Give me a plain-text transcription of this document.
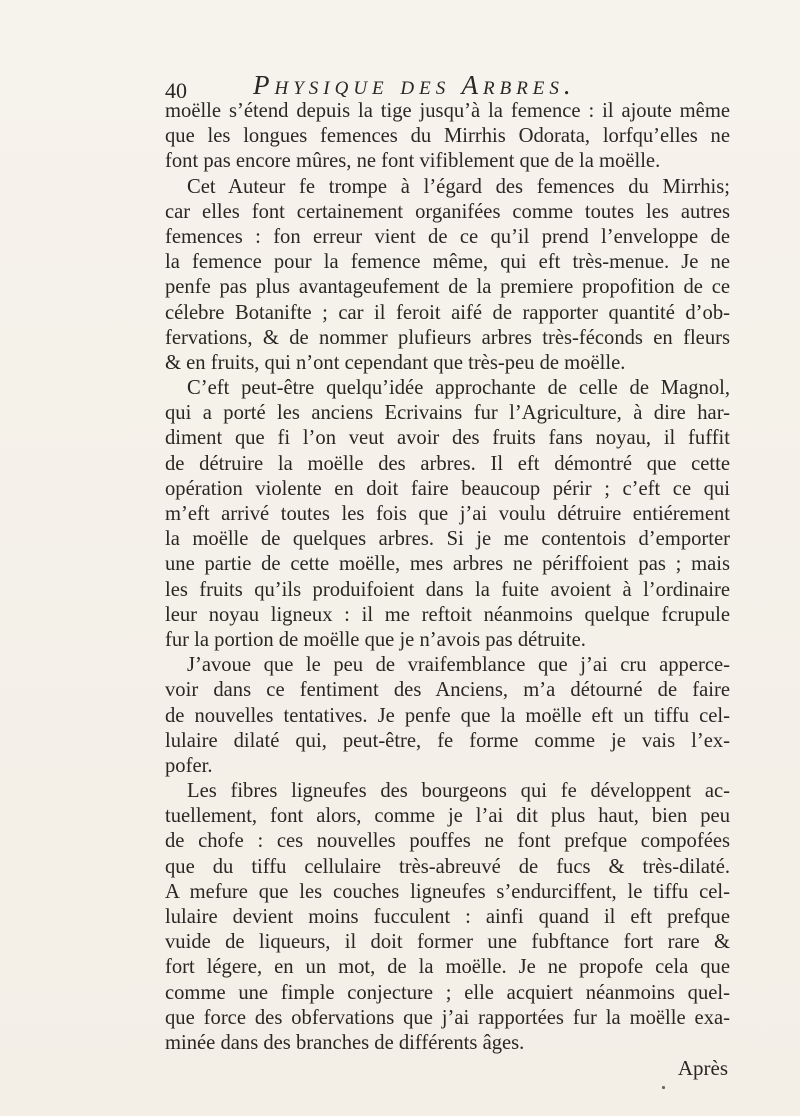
40 Physique des Arbres.
moëlle s’étend depuis la tige jusqu’à la femence : il ajoute même
que les longues femences du Mirrhis Odorata, lorfqu’elles ne
font pas encore mûres, ne font vifiblement que de la moëlle.
Cet Auteur fe trompe à l’égard des femences du Mirrhis;
car elles font certainement organifées comme toutes les autres
femences : fon erreur vient de ce qu’il prend l’enveloppe de
la femence pour la femence même, qui eft très-menue. Je ne
penfe pas plus avantageufement de la premiere propofition de ce
célebre Botanifte ; car il feroit aifé de rapporter quantité d’ob-
fervations, & de nommer plufieurs arbres très-féconds en fleurs
& en fruits, qui n’ont cependant que très-peu de moëlle.
C’eft peut-être quelqu’idée approchante de celle de Magnol,
qui a porté les anciens Ecrivains fur l’Agriculture, à dire har-
diment que fi l’on veut avoir des fruits fans noyau, il fuffit
de détruire la moëlle des arbres. Il eft démontré que cette
opération violente en doit faire beaucoup périr ; c’eft ce qui
m’eft arrivé toutes les fois que j’ai voulu détruire entiérement
la moëlle de quelques arbres. Si je me contentois d’emporter
une partie de cette moëlle, mes arbres ne périffoient pas ; mais
les fruits qu’ils produifoient dans la fuite avoient à l’ordinaire
leur noyau ligneux : il me reftoit néanmoins quelque fcrupule
fur la portion de moëlle que je n’avois pas détruite.
J’avoue que le peu de vraifemblance que j’ai cru apperce-
voir dans ce fentiment des Anciens, m’a détourné de faire
de nouvelles tentatives. Je penfe que la moëlle eft un tiffu cel-
lulaire dilaté qui, peut-être, fe forme comme je vais l’ex-
pofer.
Les fibres ligneufes des bourgeons qui fe développent ac-
tuellement, font alors, comme je l’ai dit plus haut, bien peu
de chofe : ces nouvelles pouffes ne font prefque compofées
que du tiffu cellulaire très-abreuvé de fucs & très-dilaté.
A mefure que les couches ligneufes s’endurciffent, le tiffu cel-
lulaire devient moins fucculent : ainfi quand il eft prefque
vuide de liqueurs, il doit former une fubftance fort rare &
fort légere, en un mot, de la moëlle. Je ne propofe cela que
comme une fimple conjecture ; elle acquiert néanmoins quel-
que force des obfervations que j’ai rapportées fur la moëlle exa-
minée dans des branches de différents âges.
Après
